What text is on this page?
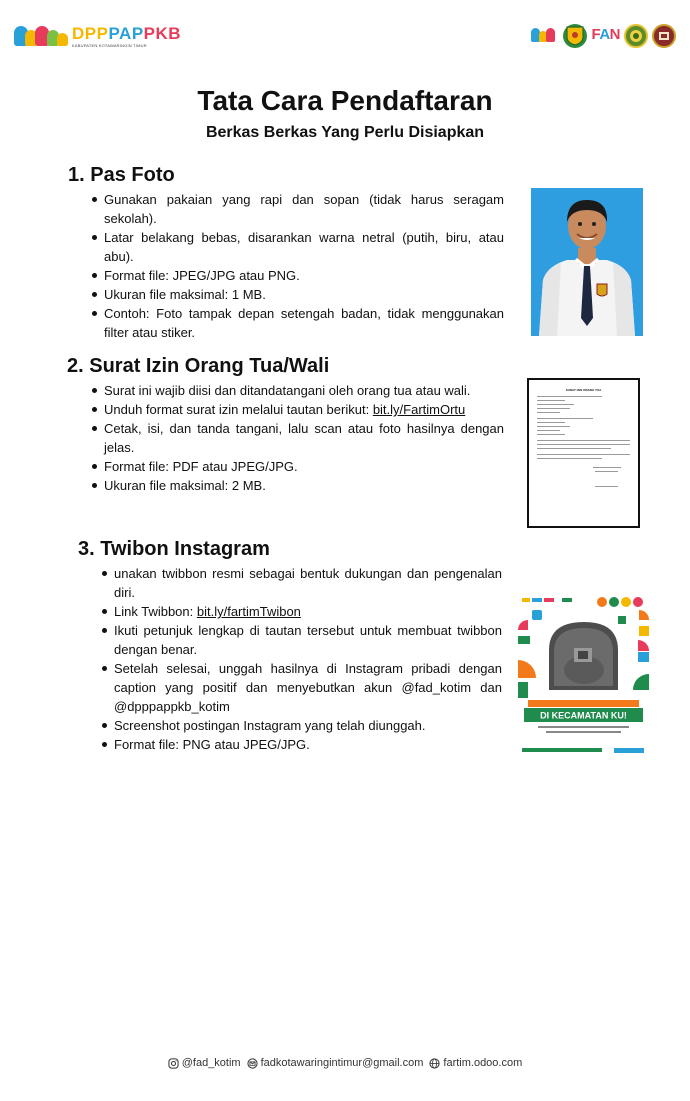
DPPPAPPKB
KABUPATEN KOTAWARINGIN TIMUR
FAN

Tata Cara Pendaftaran
Berkas Berkas Yang Perlu Disiapkan
1. Pas Foto
Gunakan pakaian yang rapi dan sopan (tidak harus seragam sekolah).
Latar belakang bebas, disarankan warna netral (putih, biru, atau abu).
Format file: JPEG/JPG atau PNG.
Ukuran file maksimal: 1 MB.
Contoh: Foto tampak depan setengah badan, tidak menggunakan filter atau stiker.
2. Surat Izin Orang Tua/Wali
Surat ini wajib diisi dan ditandatangani oleh orang tua atau wali.
Unduh format surat izin melalui tautan berikut: bit.ly/FartimOrtu
Cetak, isi, dan tanda tangani, lalu scan atau foto hasilnya dengan jelas.
Format file: PDF atau JPEG/JPG.
Ukuran file maksimal: 2 MB.
SURAT IZIN ORANG TUA
3. Twibon Instagram
unakan twibbon resmi sebagai bentuk dukungan dan pengenalan diri.
Link Twibbon: bit.ly/fartimTwibon
Ikuti petunjuk lengkap di tautan tersebut untuk membuat twibbon dengan benar.
Setelah selesai, unggah hasilnya di Instagram pribadi dengan caption yang positif dan menyebutkan akun @fad_kotim dan @dpppappkb_kotim
Screenshot postingan Instagram yang telah diunggah.
Format file: PNG atau JPEG/JPG.
DI KECAMATAN KU!
@fad_kotim fadkotawaringintimur@gmail.com fartim.odoo.com
